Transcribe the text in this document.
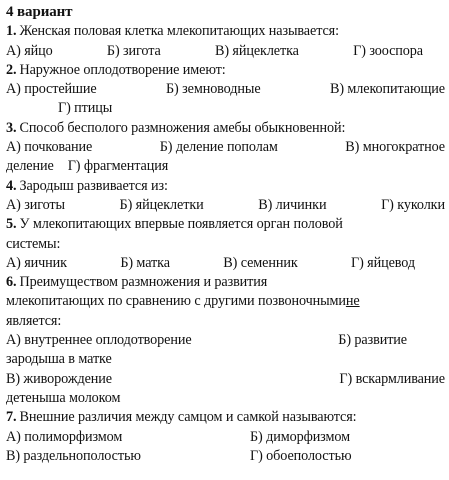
4 вариант
1. Женская половая клетка млекопитающих называется:
А) яйцо	Б) зигота	В) яйцеклетка	Г) зооспора
2. Наружное оплодотворение имеют:
А) простейшие	Б) земноводные	В) млекопитающие
Г) птицы
3. Способ бесполого размножения амебы обыкновенной:
А) почкование	Б) деление пополам	В) многократное
деление Г) фрагментация
4. Зародыш развивается из:
А) зиготы	Б) яйцеклетки	В) личинки	Г) куколки
5. У млекопитающих впервые появляется орган половой
системы:
А) яичник	Б) матка	В) семенник	Г) яйцевод
6. Преимуществом размножения и развития
млекопитающих по сравнению с другими позвоночными не
является:
А) внутреннее оплодотворение	Б) развитие
зародыша в матке
В) живорождение	Г) вскармливание
детенышa молоком
7. Внешние различия между самцом и самкой называются:
А) полиморфизмом	Б) диморфизмом
В) раздельнополостью	Г) обоеполостью
